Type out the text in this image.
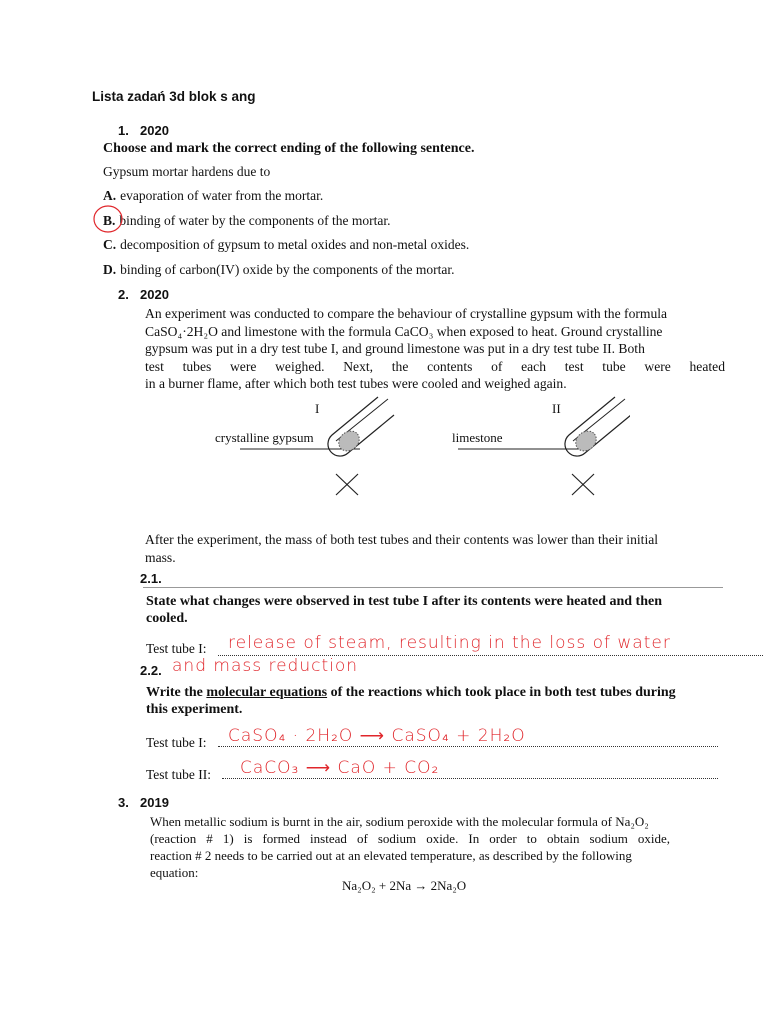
Lista zadań 3d blok s ang
1. 2020
Choose and mark the correct ending of the following sentence.
Gypsum mortar hardens due to
A. evaporation of water from the mortar.
B. binding of water by the components of the mortar.
C. decomposition of gypsum to metal oxides and non-metal oxides.
D. binding of carbon(IV) oxide by the components of the mortar.
2. 2020
An experiment was conducted to compare the behaviour of crystalline gypsum with the formula
CaSO₄·2H₂O and limestone with the formula CaCO₃ when exposed to heat. Ground crystalline
gypsum was put in a dry test tube I, and ground limestone was put in a dry test tube II. Both
test tubes were weighed. Next, the contents of each test tube were heated
in a burner flame, after which both test tubes were cooled and weighed again.
I	II
crystalline gypsum	limestone
After the experiment, the mass of both test tubes and their contents was lower than their initial
mass.
2.1.
State what changes were observed in test tube I after its contents were heated and then
cooled.
Test tube I: release of steam, resulting in the loss of water
2.2. and mass reduction
Write the molecular equations of the reactions which took place in both test tubes during
this experiment.
Test tube I: CaSO₄ · 2H₂O ⟶ CaSO₄ + 2H₂O
Test tube II: CaCO₃ ⟶ CaO + CO₂
3. 2019
When metallic sodium is burnt in the air, sodium peroxide with the molecular formula of Na₂O₂
(reaction # 1) is formed instead of sodium oxide. In order to obtain sodium oxide,
reaction # 2 needs to be carried out at an elevated temperature, as described by the following
equation:
Na₂O₂ + 2Na → 2Na₂O
